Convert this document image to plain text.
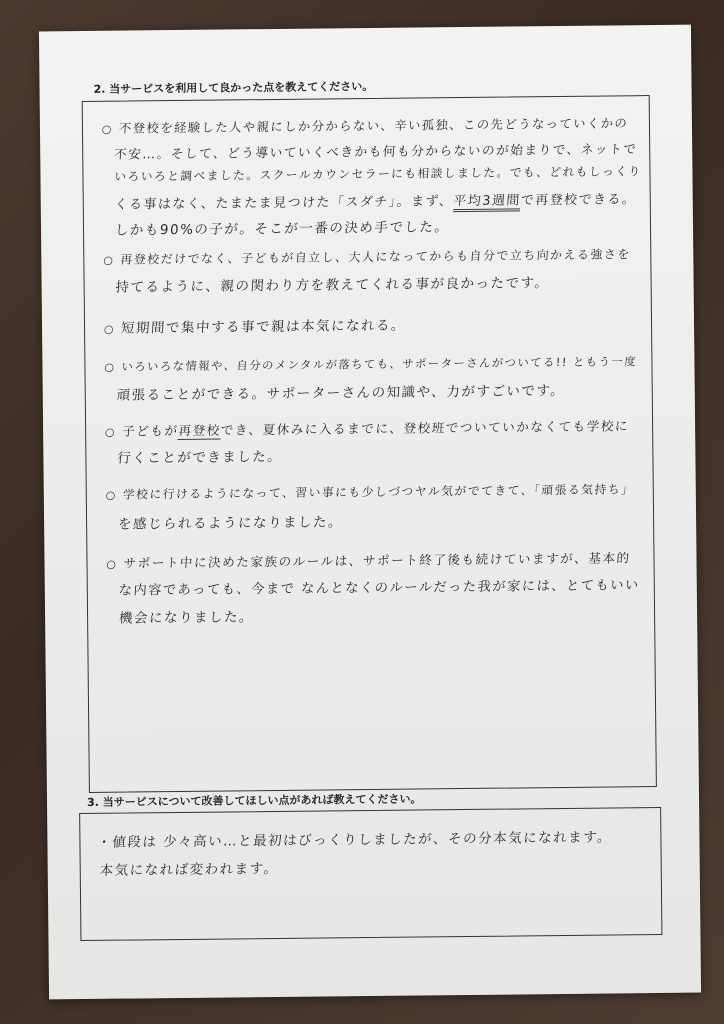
2. 当サービスを利用して良かった点を教えてください。
○ 不登校を経験した人や親にしか分からない、辛い孤独、この先どうなっていくかの
不安…。そして、どう導いていくべきかも何も分からないのが始まりで、ネットで
いろいろと調べました。スクールカウンセラーにも相談しました。でも、どれもしっくり
くる事はなく、たまたま見つけた「スダチ」。まず、平均3週間で再登校できる。
しかも90%の子が。そこが一番の決め手でした。
○ 再登校だけでなく、子どもが自立し、大人になってからも自分で立ち向かえる強さを
持てるように、親の関わり方を教えてくれる事が良かったです。
○ 短期間で集中する事で親は本気になれる。
○ いろいろな情報や、自分のメンタルが落ちても、サポーターさんがついてる!! ともう一度
頑張ることができる。サポーターさんの知識や、力がすごいです。
○ 子どもが再登校でき、夏休みに入るまでに、登校班でついていかなくても学校に
行くことができました。
○ 学校に行けるようになって、習い事にも少しづつヤル気がでてきて、「頑張る気持ち」
を感じられるようになりました。
○ サポート中に決めた家族のルールは、サポート終了後も続けていますが、基本的
な内容であっても、今まで なんとなくのルールだった我が家には、とてもいい
機会になりました。
3. 当サービスについて改善してほしい点があれば教えてください。
・値段は 少々高い…と最初はびっくりしましたが、その分本気になれます。
本気になれば変われます。
